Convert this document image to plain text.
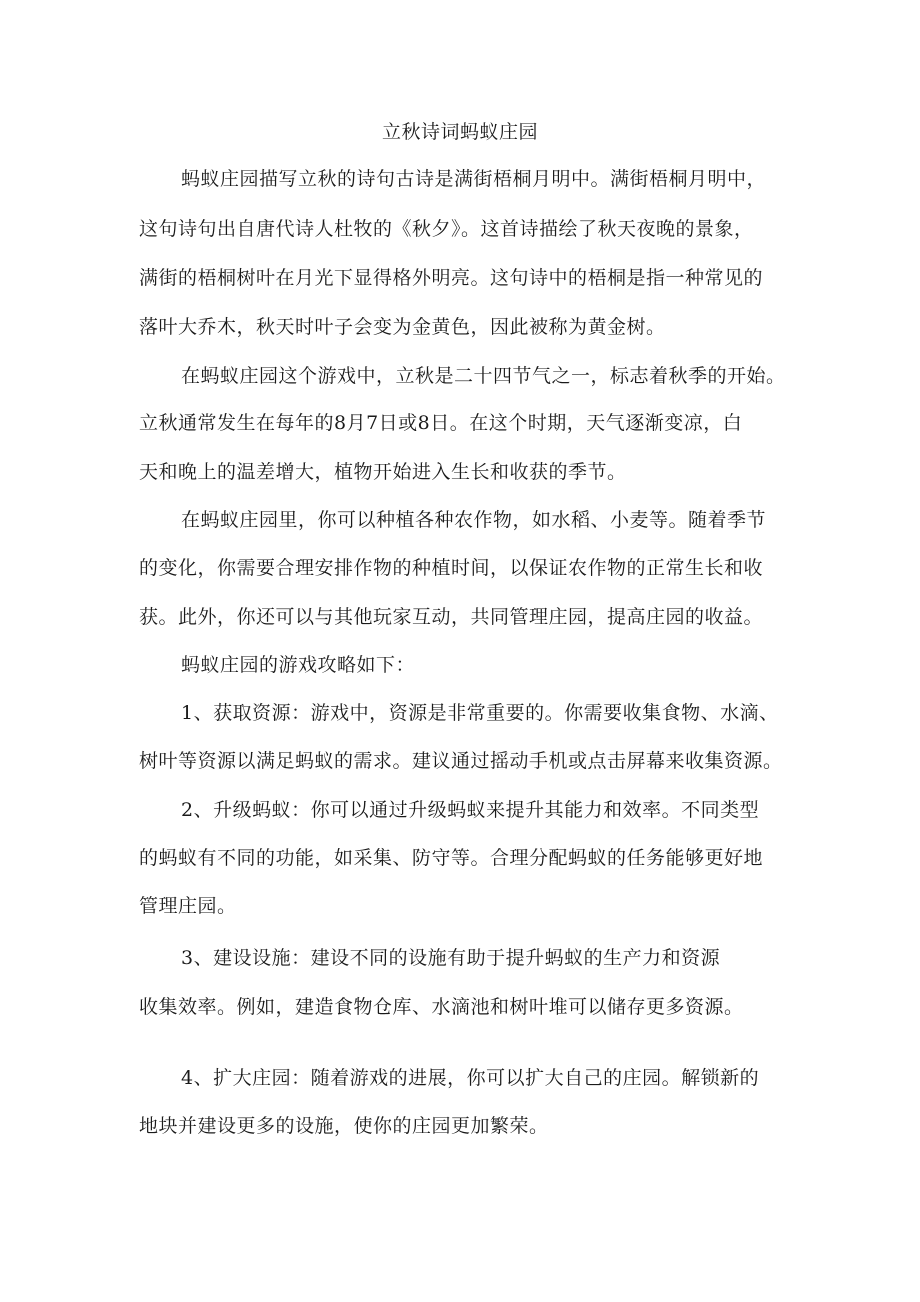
立秋诗词蚂蚁庄园
蚂蚁庄园描写立秋的诗句古诗是满街梧桐月明中。满街梧桐月明中，
这句诗句出自唐代诗人杜牧的《秋夕》。这首诗描绘了秋天夜晚的景象，
满街的梧桐树叶在月光下显得格外明亮。这句诗中的梧桐是指一种常见的
落叶大乔木，秋天时叶子会变为金黄色，因此被称为黄金树。
在蚂蚁庄园这个游戏中，立秋是二十四节气之一，标志着秋季的开始。
立秋通常发生在每年的8月7日或8日。在这个时期，天气逐渐变凉，白
天和晚上的温差增大，植物开始进入生长和收获的季节。
在蚂蚁庄园里，你可以种植各种农作物，如水稻、小麦等。随着季节
的变化，你需要合理安排作物的种植时间，以保证农作物的正常生长和收
获。此外，你还可以与其他玩家互动，共同管理庄园，提高庄园的收益。
蚂蚁庄园的游戏攻略如下：
1、获取资源：游戏中，资源是非常重要的。你需要收集食物、水滴、
树叶等资源以满足蚂蚁的需求。建议通过摇动手机或点击屏幕来收集资源。
2、升级蚂蚁：你可以通过升级蚂蚁来提升其能力和效率。不同类型
的蚂蚁有不同的功能，如采集、防守等。合理分配蚂蚁的任务能够更好地
管理庄园。
3、建设设施：建设不同的设施有助于提升蚂蚁的生产力和资源
收集效率。例如，建造食物仓库、水滴池和树叶堆可以储存更多资源。
4、扩大庄园：随着游戏的进展，你可以扩大自己的庄园。解锁新的
地块并建设更多的设施，使你的庄园更加繁荣。
